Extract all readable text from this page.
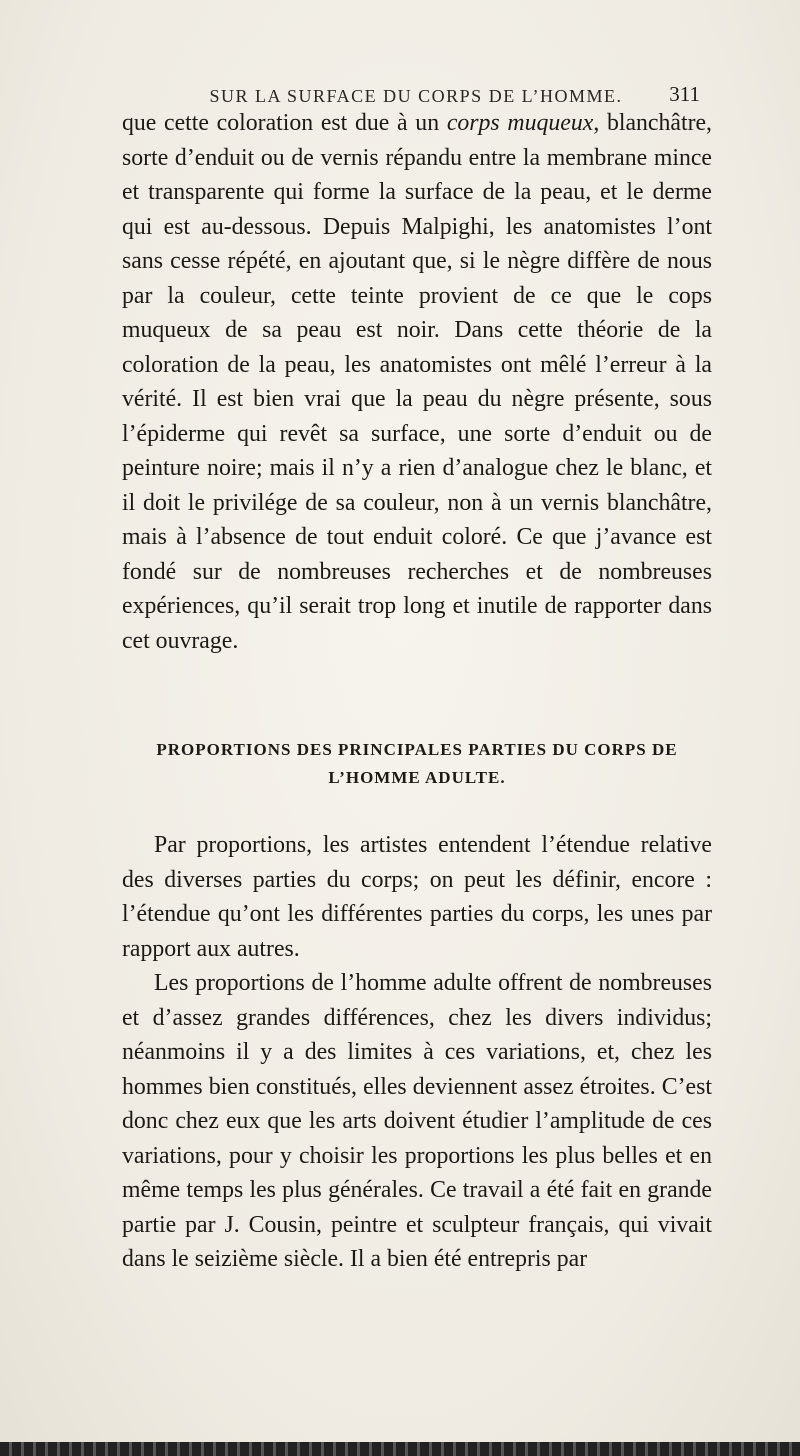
SUR LA SURFACE DU CORPS DE L’HOMME.	311

que cette coloration est due à un corps muqueux, blanchâtre, sorte d’enduit ou de vernis répandu entre la membrane mince et transparente qui forme la surface de la peau, et le derme qui est au-dessous. Depuis Malpighi, les anatomistes l’ont sans cesse répété, en ajoutant que, si le nègre diffère de nous par la couleur, cette teinte provient de ce que le cops muqueux de sa peau est noir. Dans cette théorie de la coloration de la peau, les anatomistes ont mêlé l’erreur à la vérité. Il est bien vrai que la peau du nègre présente, sous l’épiderme qui revêt sa surface, une sorte d’enduit ou de peinture noire; mais il n’y a rien d’analogue chez le blanc, et il doit le privilége de sa couleur, non à un vernis blanchâtre, mais à l’absence de tout enduit coloré. Ce que j’avance est fondé sur de nombreuses recherches et de nombreuses expériences, qu’il serait trop long et inutile de rapporter dans cet ouvrage.

PROPORTIONS DES PRINCIPALES PARTIES DU CORPS DE L’HOMME ADULTE.

Par proportions, les artistes entendent l’étendue relative des diverses parties du corps; on peut les définir, encore : l’étendue qu’ont les différentes parties du corps, les unes par rapport aux autres.

Les proportions de l’homme adulte offrent de nombreuses et d’assez grandes différences, chez les divers individus; néanmoins il y a des limites à ces variations, et, chez les hommes bien constitués, elles deviennent assez étroites. C’est donc chez eux que les arts doivent étudier l’amplitude de ces variations, pour y choisir les proportions les plus belles et en même temps les plus générales. Ce travail a été fait en grande partie par J. Cousin, peintre et sculpteur français, qui vivait dans le seizième siècle. Il a bien été entrepris par
